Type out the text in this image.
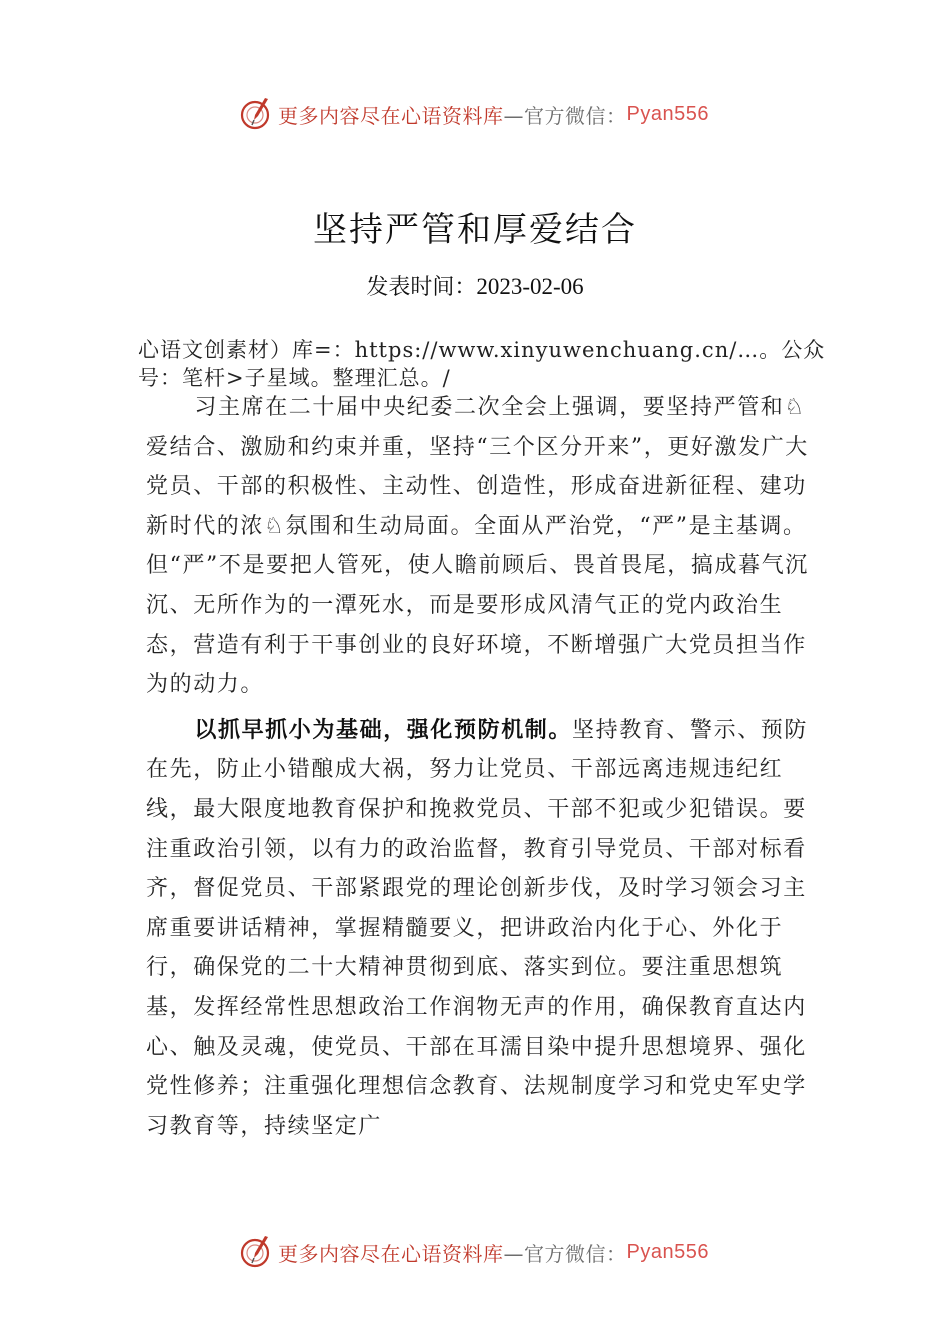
更多内容尽在心语资料库 —官方微信： Pyan556
坚持严管和厚爱结合
发表时间：2023-02-06
心语文创素材）库=：https://www.xinyuwenchuang.cn/…。公众号：笔杆>子星域。整理汇总。/

习主席在二十届中央纪委二次全会上强调，要坚持严管和♘爱结合、激励和约束并重，坚持“三个区分开来”，更好激发广大党员、干部的积极性、主动性、创造性，形成奋进新征程、建功新时代的浓♘氛围和生动局面。全面从严治党，“严”是主基调。但“严”不是要把人管死，使人瞻前顾后、畏首畏尾，搞成暮气沉沉、无所作为的一潭死水，而是要形成风清气正的党内政治生态，营造有利于干事创业的良好环境，不断增强广大党员担当作为的动力。

以抓早抓小为基础，强化预防机制。坚持教育、警示、预防在先，防止小错酿成大祸，努力让党员、干部远离违规违纪红线，最大限度地教育保护和挽救党员、干部不犯或少犯错误。要注重政治引领，以有力的政治监督，教育引导党员、干部对标看齐，督促党员、干部紧跟党的理论创新步伐，及时学习领会习主席重要讲话精神，掌握精髓要义，把讲政治内化于心、外化于行，确保党的二十大精神贯彻到底、落实到位。要注重思想筑基，发挥经常性思想政治工作润物无声的作用，确保教育直达内心、触及灵魂，使党员、干部在耳濡目染中提升思想境界、强化党性修养；注重强化理想信念教育、法规制度学习和党史军史学习教育等，持续坚定广

更多内容尽在心语资料库 —官方微信： Pyan556
